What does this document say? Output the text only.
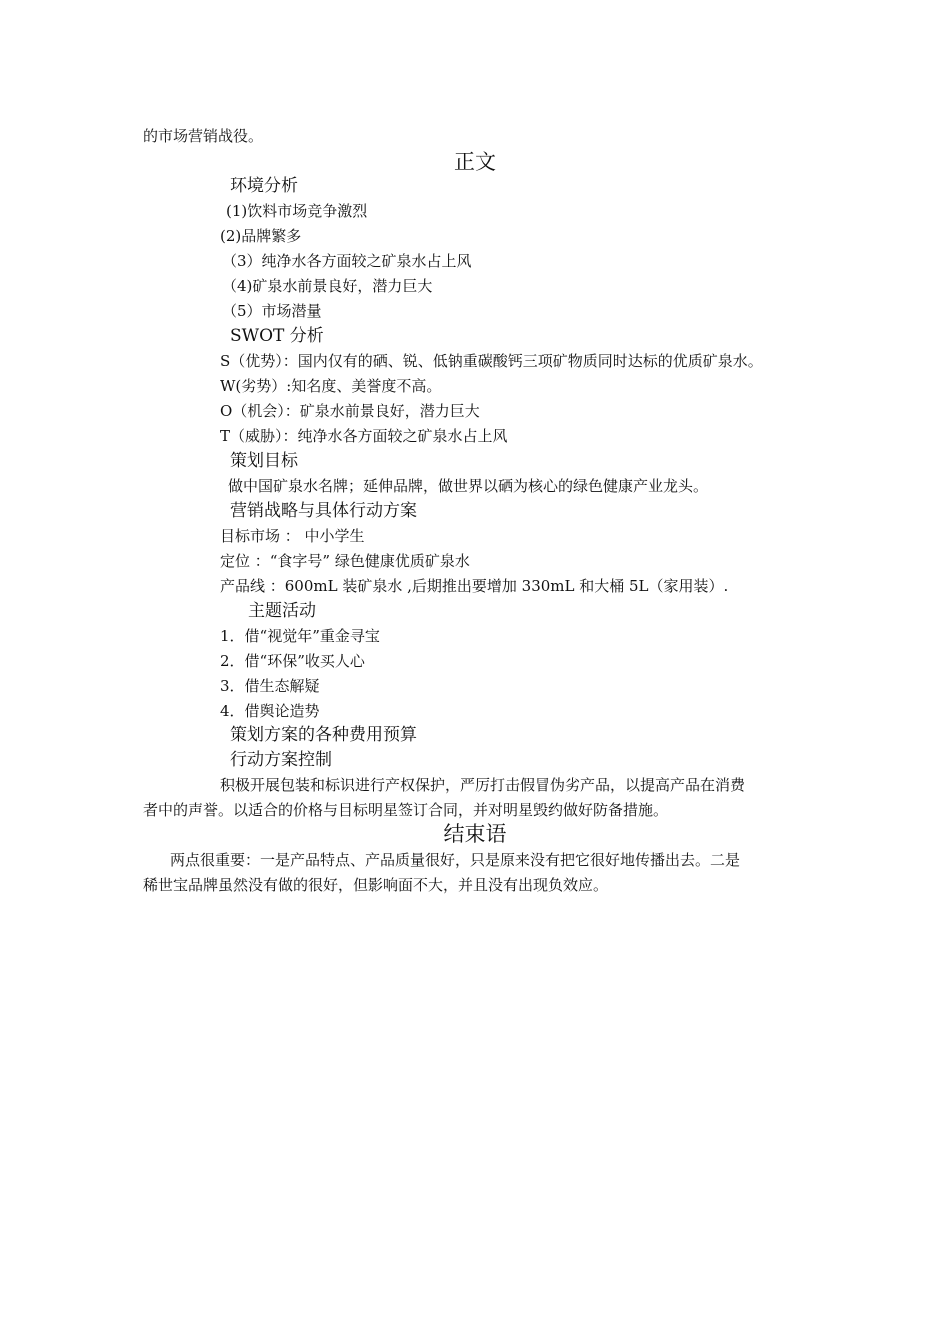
的市场营销战役。
正文
环境分析
(1)饮料市场竞争激烈
(2)品牌繁多
（3）纯净水各方面较之矿泉水占上风
（4)矿泉水前景良好，潜力巨大
（5）市场潜量
SWOT 分析
S（优势）：国内仅有的硒、锐、低钠重碳酸钙三项矿物质同时达标的优质矿泉水。
W(劣势）:知名度、美誉度不高。
O（机会）：矿泉水前景良好，潜力巨大
T（威胁）：纯净水各方面较之矿泉水占上风
策划目标
做中国矿泉水名牌；延伸品牌，做世界以硒为核心的绿色健康产业龙头。
营销战略与具体行动方案
目标市场 ： 中小学生
定位 ：“食字号” 绿色健康优质矿泉水
产品线 ：600mL 装矿泉水 ,后期推出要增加 330mL 和大桶 5L（家用装）.
主题活动
1．借“视觉年”重金寻宝
2．借“环保”收买人心
3．借生态解疑
4．借舆论造势
策划方案的各种费用预算
行动方案控制
积极开展包装和标识进行产权保护，严厉打击假冒伪劣产品，以提高产品在消费
者中的声誉。以适合的价格与目标明星签订合同，并对明星毁约做好防备措施。
结束语
两点很重要：一是产品特点、产品质量很好，只是原来没有把它很好地传播出去。二是
稀世宝品牌虽然没有做的很好，但影响面不大，并且没有出现负效应。
